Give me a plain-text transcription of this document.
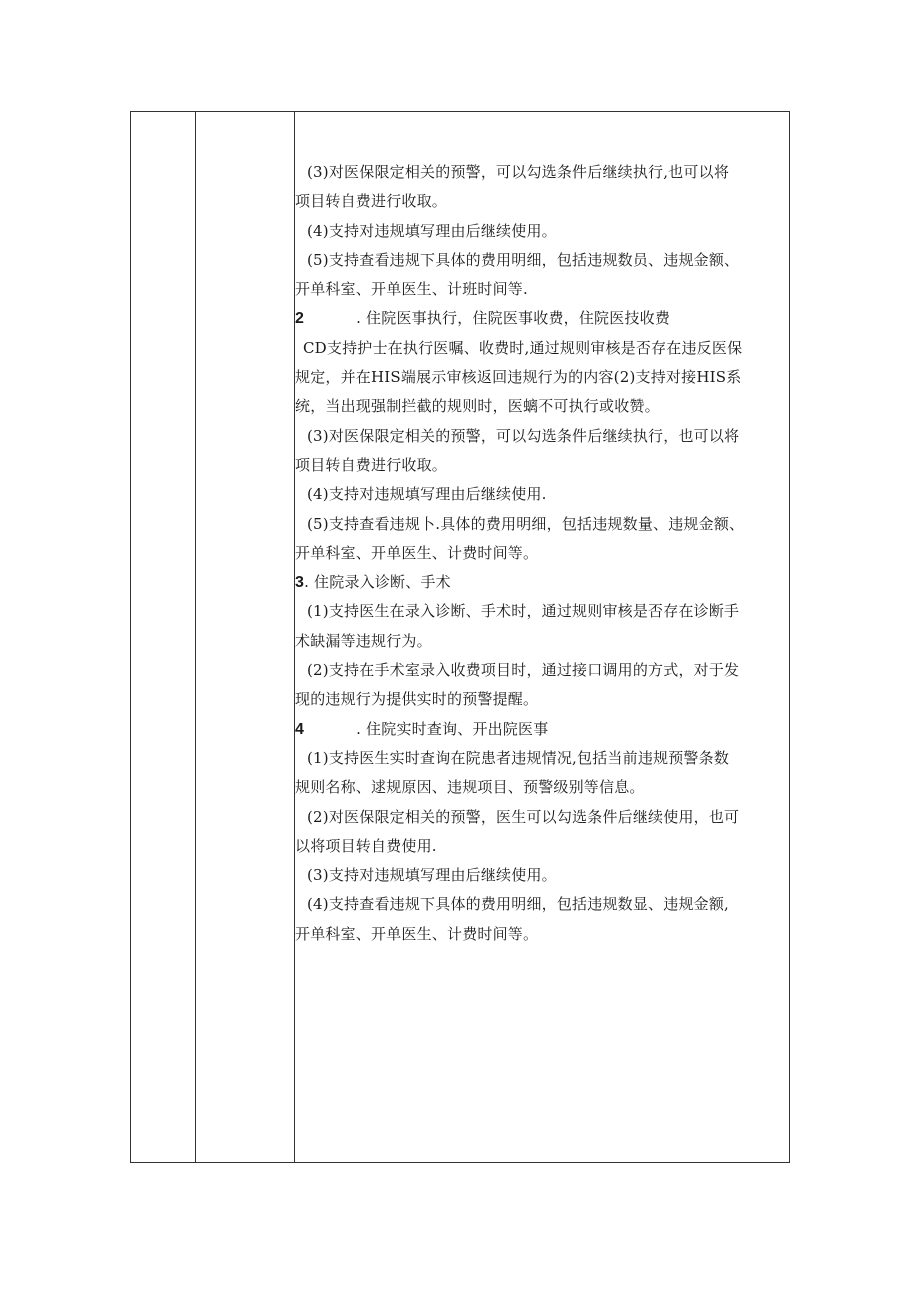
(3)对医保限定相关的预警，可以勾选条件后继续执行,也可以将
项目转自费进行收取。
(4)支持对违规填写理由后继续使用。
(5)支持查看违规下具体的费用明细，包括违规数员、违规金额、
开单科室、开单医生、计班时间等.
2	. 住院医事执行，住院医事收费，住院医技收费
CD支持护士在执行医嘱、收费时,通过规则审核是否存在违反医保
规定，并在HIS端展示审核返回违规行为的内容(2)支持对接HIS系
统，当出现强制拦截的规则时，医螭不可执行或收赞。
(3)对医保限定相关的预警，可以勾选条件后继续执行，也可以将
项目转自费进行收取。
(4)支持对违规填写理由后继续使用.
(5)支持查看违规卜.具体的费用明细，包括违规数量、违规金额、
开单科室、开单医生、计费时间等。
3. 住院录入诊断、手术
(1)支持医生在录入诊断、手术时，通过规则审核是否存在诊断手
术缺漏等违规行为。
(2)支持在手术室录入收费项目时，通过接口调用的方式，对于发
现的违规行为提供实时的预警提醒。
4	. 住院实时查询、开出院医事
(1)支持医生实时查询在院患者违规情况,包括当前违规预警条数
规则名称、逑规原因、违规项目、预警级别等信息。
(2)对医保限定相关的预警，医生可以勾选条件后继续使用，也可
以将项目转自费使用.
(3)支持对违规填写理由后继续使用。
(4)支持查看违规下具体的费用明细，包括违规数显、违规金额,
开单科室、开单医生、计费时间等。
